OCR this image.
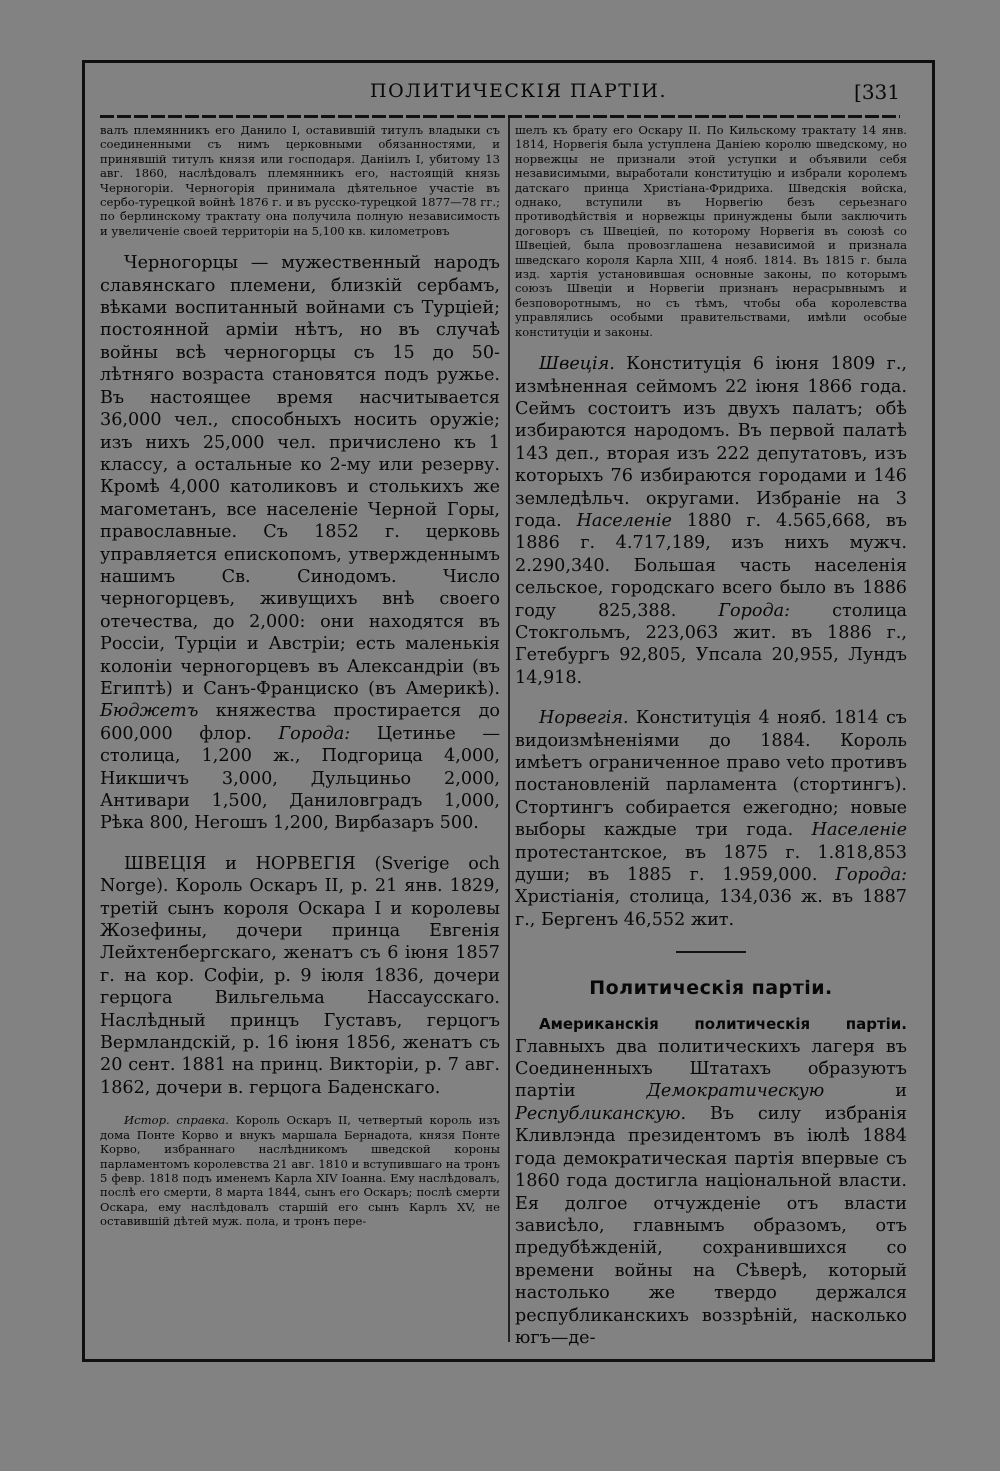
ПОЛИТИЧЕСКІЯ ПАРТІИ.	[331

валъ племянникъ его Данило I, оставившій титулъ владыки съ соединенными съ нимъ церковными обязанностями, и принявшій титулъ князя или господаря. Даніилъ I, убитому 13 авг. 1860, наслѣдовалъ племянникъ его, настоящій князь Черногоріи. Черногорія принимала дѣятельное участіе въ сербо-турецкой войнѣ 1876 г. и въ русско-турецкой 1877—78 гг.; по берлинскому трактату она получила полную независимость и увеличеніе своей территоріи на 5,100 кв. километровъ

Черногорцы — мужественный народъ славянскаго племени, близкій сербамъ, вѣками воспитанный войнами съ Турціей; постоянной арміи нѣтъ, но въ случаѣ войны всѣ черногорцы съ 15 до 50-лѣтняго возраста становятся подъ ружье. Въ настоящее время насчитывается 36,000 чел., способныхъ носить оружіе; изъ нихъ 25,000 чел. причислено къ 1 классу, а остальные ко 2-му или резерву. Кромѣ 4,000 католиковъ и столькихъ же магометанъ, все населеніе Черной Горы, православные. Съ 1852 г. церковь управляется епископомъ, утвержденнымъ нашимъ Св. Синодомъ. Число черногорцевъ, живущихъ внѣ своего отечества, до 2,000: они находятся въ Россіи, Турціи и Австріи; есть маленькія колоніи черногорцевъ въ Александріи (въ Египтѣ) и Санъ-Франциско (въ Америкѣ). Бюджетъ княжества простирается до 600,000 флор. Города: Цетинье — столица, 1,200 ж., Подгорица 4,000, Никшичъ 3,000, Дульциньо 2,000, Антивари 1,500, Даниловградъ 1,000, Рѣка 800, Негошъ 1,200, Вирбазаръ 500.

ШВЕЦІЯ и НОРВЕГІЯ (Sverige och Norge). Король Оскаръ II, р. 21 янв. 1829, третій сынъ короля Оскара I и королевы Жозефины, дочери принца Евгенія Лейхтенбергскаго, женатъ съ 6 іюня 1857 г. на кор. Софіи, р. 9 іюля 1836, дочери герцога Вильгельма Нассаусскаго. Наслѣдный принцъ Густавъ, герцогъ Вермландскій, р. 16 іюня 1856, женатъ съ 20 сент. 1881 на принц. Викторіи, р. 7 авг. 1862, дочери в. герцога Баденскаго.

Истор. справка. Король Оскаръ II, четвертый король изъ дома Понте Корво и внукъ маршала Бернадота, князя Понте Корво, избраннаго наслѣдникомъ шведской короны парламентомъ королевства 21 авг. 1810 и вступившаго на тронъ 5 февр. 1818 подъ именемъ Карла XIV Іоанна. Ему наслѣдовалъ, послѣ его смерти, 8 марта 1844, сынъ его Оскаръ; послѣ смерти Оскара, ему наслѣдовалъ старшій его сынъ Карлъ XV, не оставившій дѣтей муж. пола, и тронъ пере-

шелъ къ брату его Оскару II. По Кильскому трактату 14 янв. 1814, Норвегія была уступлена Даніею королю шведскому, но норвежцы не признали этой уступки и объявили себя независимыми, выработали конституцію и избрали королемъ датскаго принца Христіана-Фридриха. Шведскія войска, однако, вступили въ Норвегію безъ серьезнаго противодѣйствія и норвежцы принуждены были заключить договоръ съ Швеціей, по которому Норвегія въ союзѣ со Швеціей, была провозглашена независимой и признала шведскаго короля Карла XIII, 4 нояб. 1814. Въ 1815 г. была изд. хартія установившая основные законы, по которымъ союзъ Швеціи и Норвегіи признанъ нерасрывнымъ и безповоротнымъ, но съ тѣмъ, чтобы оба королевства управлялись особыми правительствами, имѣли особые конституціи и законы.

Швеція. Конституція 6 іюня 1809 г., измѣненная сеймомъ 22 іюня 1866 года. Сеймъ состоитъ изъ двухъ палатъ; обѣ избираются народомъ. Въ первой палатѣ 143 деп., вторая изъ 222 депутатовъ, изъ которыхъ 76 избираются городами и 146 земледѣльч. округами. Избраніе на 3 года. Населеніе 1880 г. 4.565,668, въ 1886 г. 4.717,189, изъ нихъ мужч. 2.290,340. Большая часть населенія сельское, городскаго всего было въ 1886 году 825,388. Города: столица Стокгольмъ, 223,063 жит. въ 1886 г., Гетебургъ 92,805, Упсала 20,955, Лундъ 14,918.

Норвегія. Конституція 4 нояб. 1814 съ видоизмѣненіями до 1884. Король имѣетъ ограниченное право veto противъ постановленій парламента (стортингъ). Стортингъ собирается ежегодно; новые выборы каждые три года. Населеніе протестантское, въ 1875 г. 1.818,853 души; въ 1885 г. 1.959,000. Города: Христіанія, столица, 134,036 ж. въ 1887 г., Бергенъ 46,552 жит.

Политическія партіи.

Американскія политическія партіи. Главныхъ два политическихъ лагеря въ Соединенныхъ Штатахъ образуютъ партіи	Демократическую	и Республиканскую. Въ силу избранія Кливлэнда президентомъ въ іюлѣ 1884 года демократическая партія впервые съ 1860 года достигла національной власти. Ея долгое отчужденіе отъ власти зависѣло, главнымъ образомъ, отъ предубѣжденій, сохранившихся со времени войны на Сѣверѣ, который настолько же твердо держался республиканскихъ воззрѣній, насколько югъ—де-
